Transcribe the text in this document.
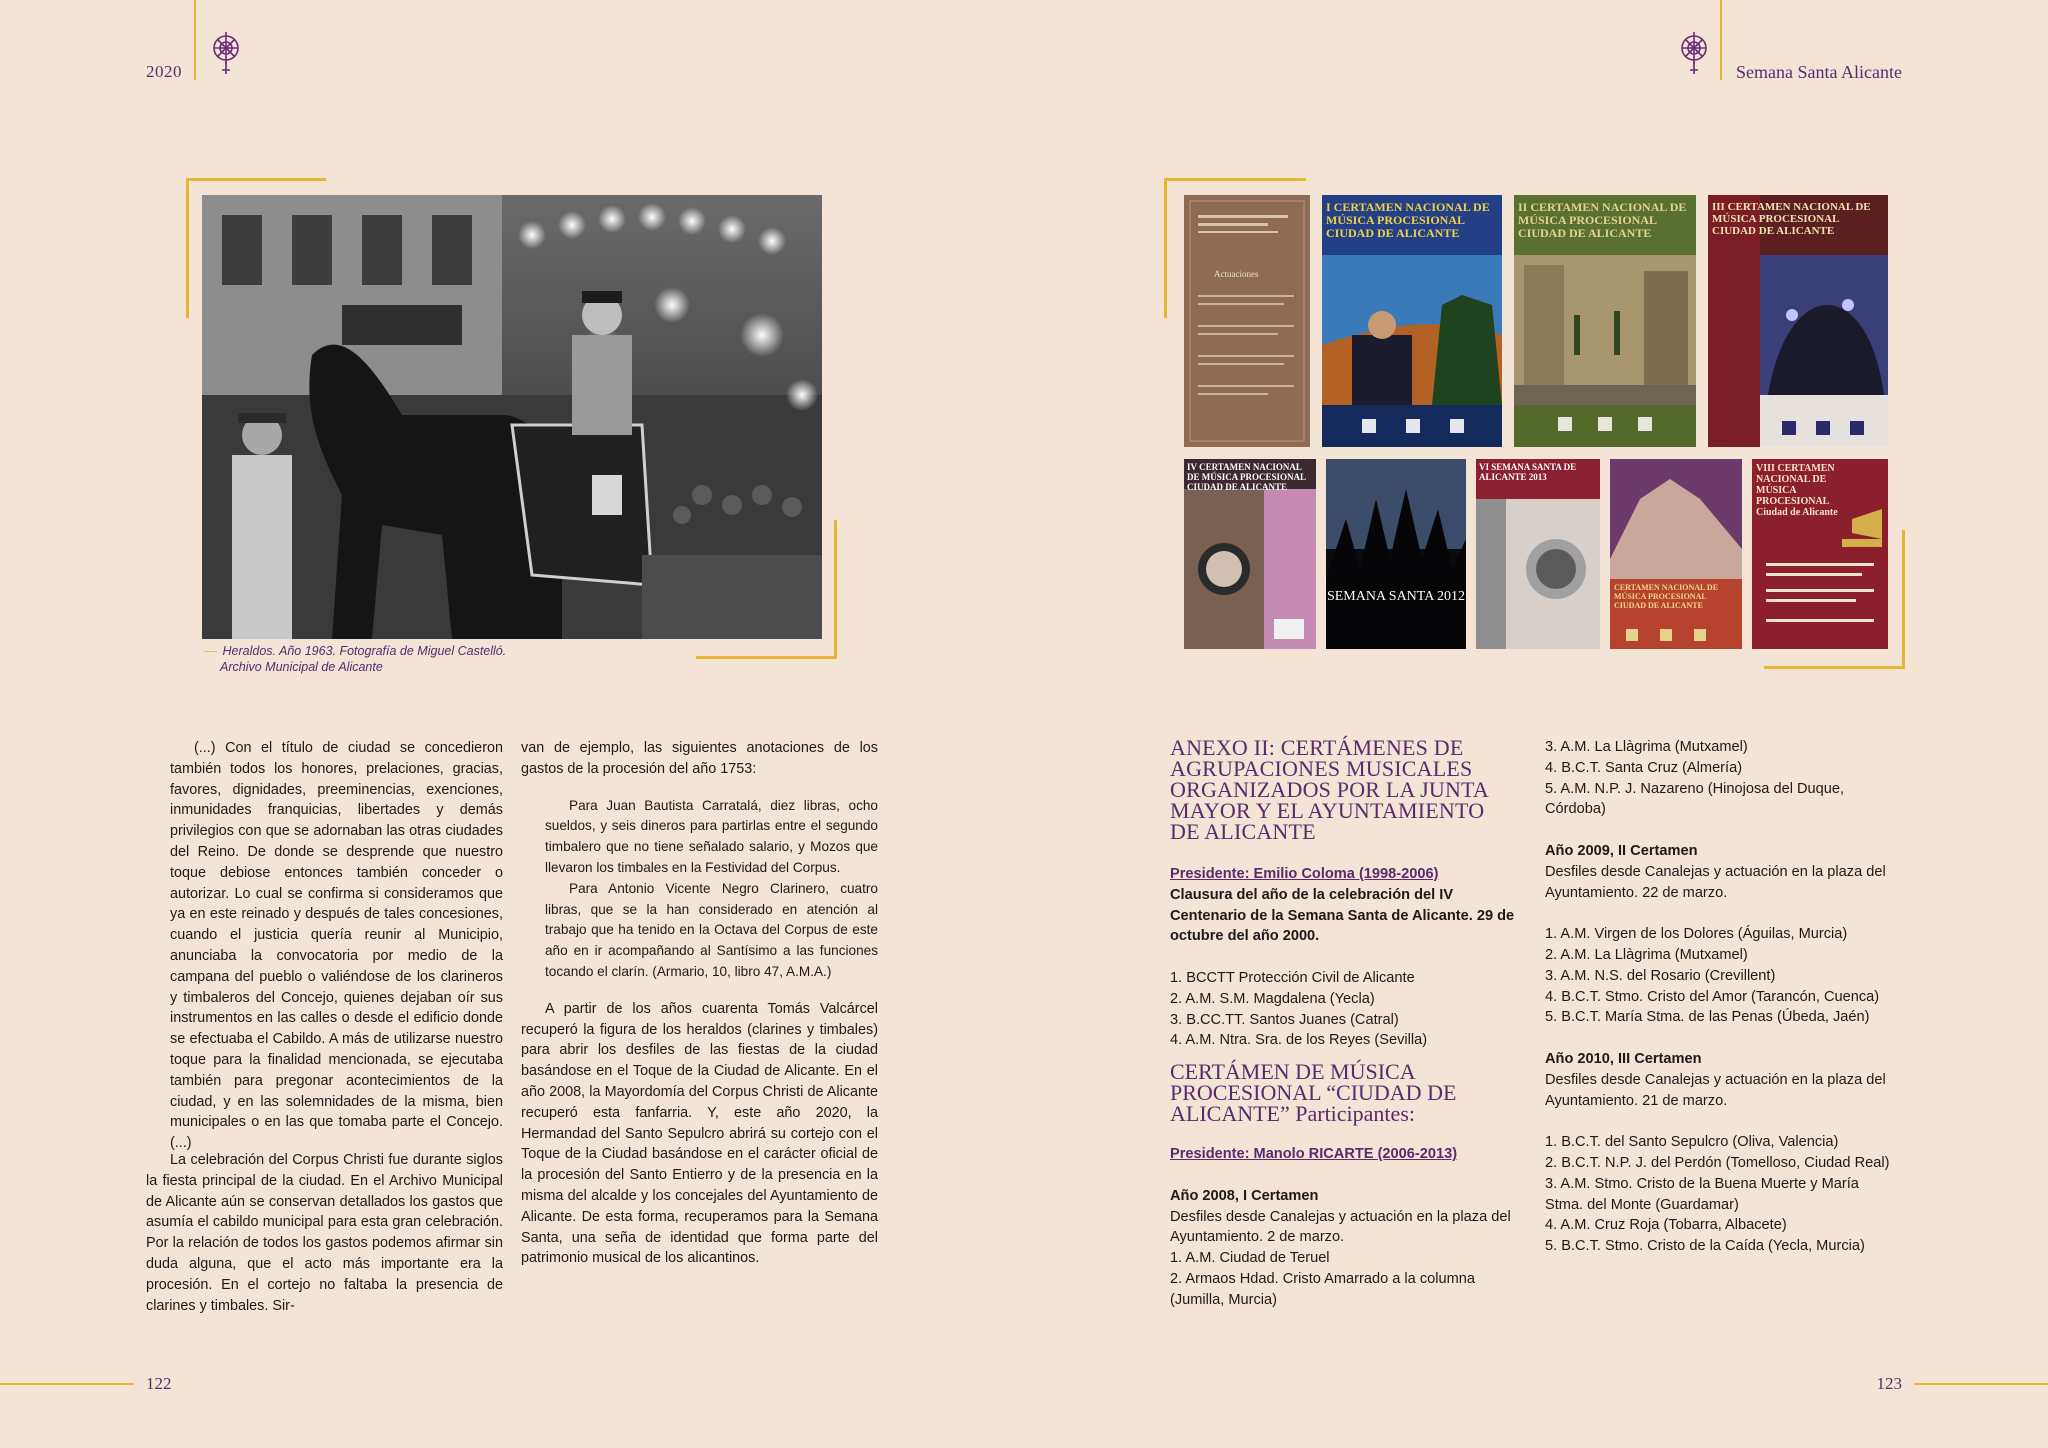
2020	Semana Santa Alicante
— Heraldos. Año 1963. Fotografía de Miguel Castelló.
Archivo Municipal de Alicante
Actuaciones
I CERTAMEN NACIONAL DE MÚSICA PROCESIONAL CIUDAD DE ALICANTE
II CERTAMEN NACIONAL DE MÚSICA PROCESIONAL CIUDAD DE ALICANTE
III CERTAMEN NACIONAL DE MÚSICA PROCESIONAL CIUDAD DE ALICANTE
IV CERTAMEN NACIONAL DE MÚSICA PROCESIONAL CIUDAD DE ALICANTE
SEMANA SANTA 2012
VI SEMANA SANTA DE ALICANTE 2013
CERTAMEN NACIONAL DE MÚSICA PROCESIONAL CIUDAD DE ALICANTE
VIII CERTAMEN NACIONAL DE MÚSICA PROCESIONAL Ciudad de Alicante

(...) Con el título de ciudad se concedieron también todos los honores, prelaciones, gracias, favores, dignidades, preeminencias, exenciones, inmunidades franquicias, libertades y demás privilegios con que se adornaban las otras ciudades del Reino. De donde se desprende que nuestro toque debiose entonces también conceder o autorizar. Lo cual se confirma si consideramos que ya en este reinado y después de tales concesiones, cuando el justicia quería reunir al Municipio, anunciaba la convocatoria por medio de la campana del pueblo o valiéndose de los clarineros y timbaleros del Concejo, quienes dejaban oír sus instrumentos en las calles o desde el edificio donde se efectuaba el Cabildo. A más de utilizarse nuestro toque para la finalidad mencionada, se ejecutaba también para pregonar acontecimientos de la ciudad, y en las solemnidades de la misma, bien municipales o en las que tomaba parte el Concejo. (...)

La celebración del Corpus Christi fue durante siglos la fiesta principal de la ciudad. En el Archivo Municipal de Alicante aún se conservan detallados los gastos que asumía el cabildo municipal para esta gran celebración. Por la relación de todos los gastos podemos afirmar sin duda alguna, que el acto más importante era la procesión. En el cortejo no faltaba la presencia de clarines y timbales. Sir-

van de ejemplo, las siguientes anotaciones de los gastos de la procesión del año 1753:

Para Juan Bautista Carratalá, diez libras, ocho sueldos, y seis dineros para partirlas entre el segundo timbalero que no tiene señalado salario, y Mozos que llevaron los timbales en la Festividad del Corpus.

Para Antonio Vicente Negro Clarinero, cuatro libras, que se la han considerado en atención al trabajo que ha tenido en la Octava del Corpus de este año en ir acompañando al Santísimo a las funciones tocando el clarín. (Armario, 10, libro 47, A.M.A.)

A partir de los años cuarenta Tomás Valcárcel recuperó la figura de los heraldos (clarines y timbales) para abrir los desfiles de las fiestas de la ciudad basándose en el Toque de la Ciudad de Alicante. En el año 2008, la Mayordomía del Corpus Christi de Alicante recuperó esta fanfarria. Y, este año 2020, la Hermandad del Santo Sepulcro abrirá su cortejo con el Toque de la Ciudad basándose en el carácter oficial de la procesión del Santo Entierro y de la presencia en la misma del alcalde y los concejales del Ayuntamiento de Alicante. De esta forma, recuperamos para la Semana Santa, una seña de identidad que forma parte del patrimonio musical de los alicantinos.

ANEXO II: CERTÁMENES DE AGRUPACIONES MUSICALES ORGANIZADOS POR LA JUNTA MAYOR Y EL AYUNTAMIENTO DE ALICANTE

Presidente: Emilio Coloma (1998-2006)

Clausura del año de la celebración del IV Centenario de la Semana Santa de Alicante. 29 de octubre del año 2000.

1. BCCTT Protección Civil de Alicante

2. A.M. S.M. Magdalena (Yecla)

3. B.CC.TT. Santos Juanes (Catral)

4. A.M. Ntra. Sra. de los Reyes (Sevilla)

CERTÁMEN DE MÚSICA PROCESIONAL “CIUDAD DE ALICANTE” Participantes:

Presidente: Manolo RICARTE (2006-2013)

Año 2008, I Certamen

Desfiles desde Canalejas y actuación en la plaza del Ayuntamiento. 2 de marzo.

1. A.M. Ciudad de Teruel

2. Armaos Hdad. Cristo Amarrado a la columna (Jumilla, Murcia)

3. A.M. La Llàgrima (Mutxamel)

4. B.C.T. Santa Cruz (Almería)

5. A.M. N.P. J. Nazareno (Hinojosa del Duque, Córdoba)

Año 2009, II Certamen

Desfiles desde Canalejas y actuación en la plaza del Ayuntamiento. 22 de marzo.

1. A.M. Virgen de los Dolores (Águilas, Murcia)

2. A.M. La Llàgrima (Mutxamel)

3. A.M. N.S. del Rosario (Crevillent)

4. B.C.T. Stmo. Cristo del Amor (Tarancón, Cuenca)

5. B.C.T. María Stma. de las Penas (Úbeda, Jaén)

Año 2010, III Certamen

Desfiles desde Canalejas y actuación en la plaza del Ayuntamiento. 21 de marzo.

1. B.C.T. del Santo Sepulcro (Oliva, Valencia)

2. B.C.T. N.P. J. del Perdón (Tomelloso, Ciudad Real)

3. A.M. Stmo. Cristo de la Buena Muerte y María Stma. del Monte (Guardamar)

4. A.M. Cruz Roja (Tobarra, Albacete)

5. B.C.T. Stmo. Cristo de la Caída (Yecla, Murcia)

122	123
